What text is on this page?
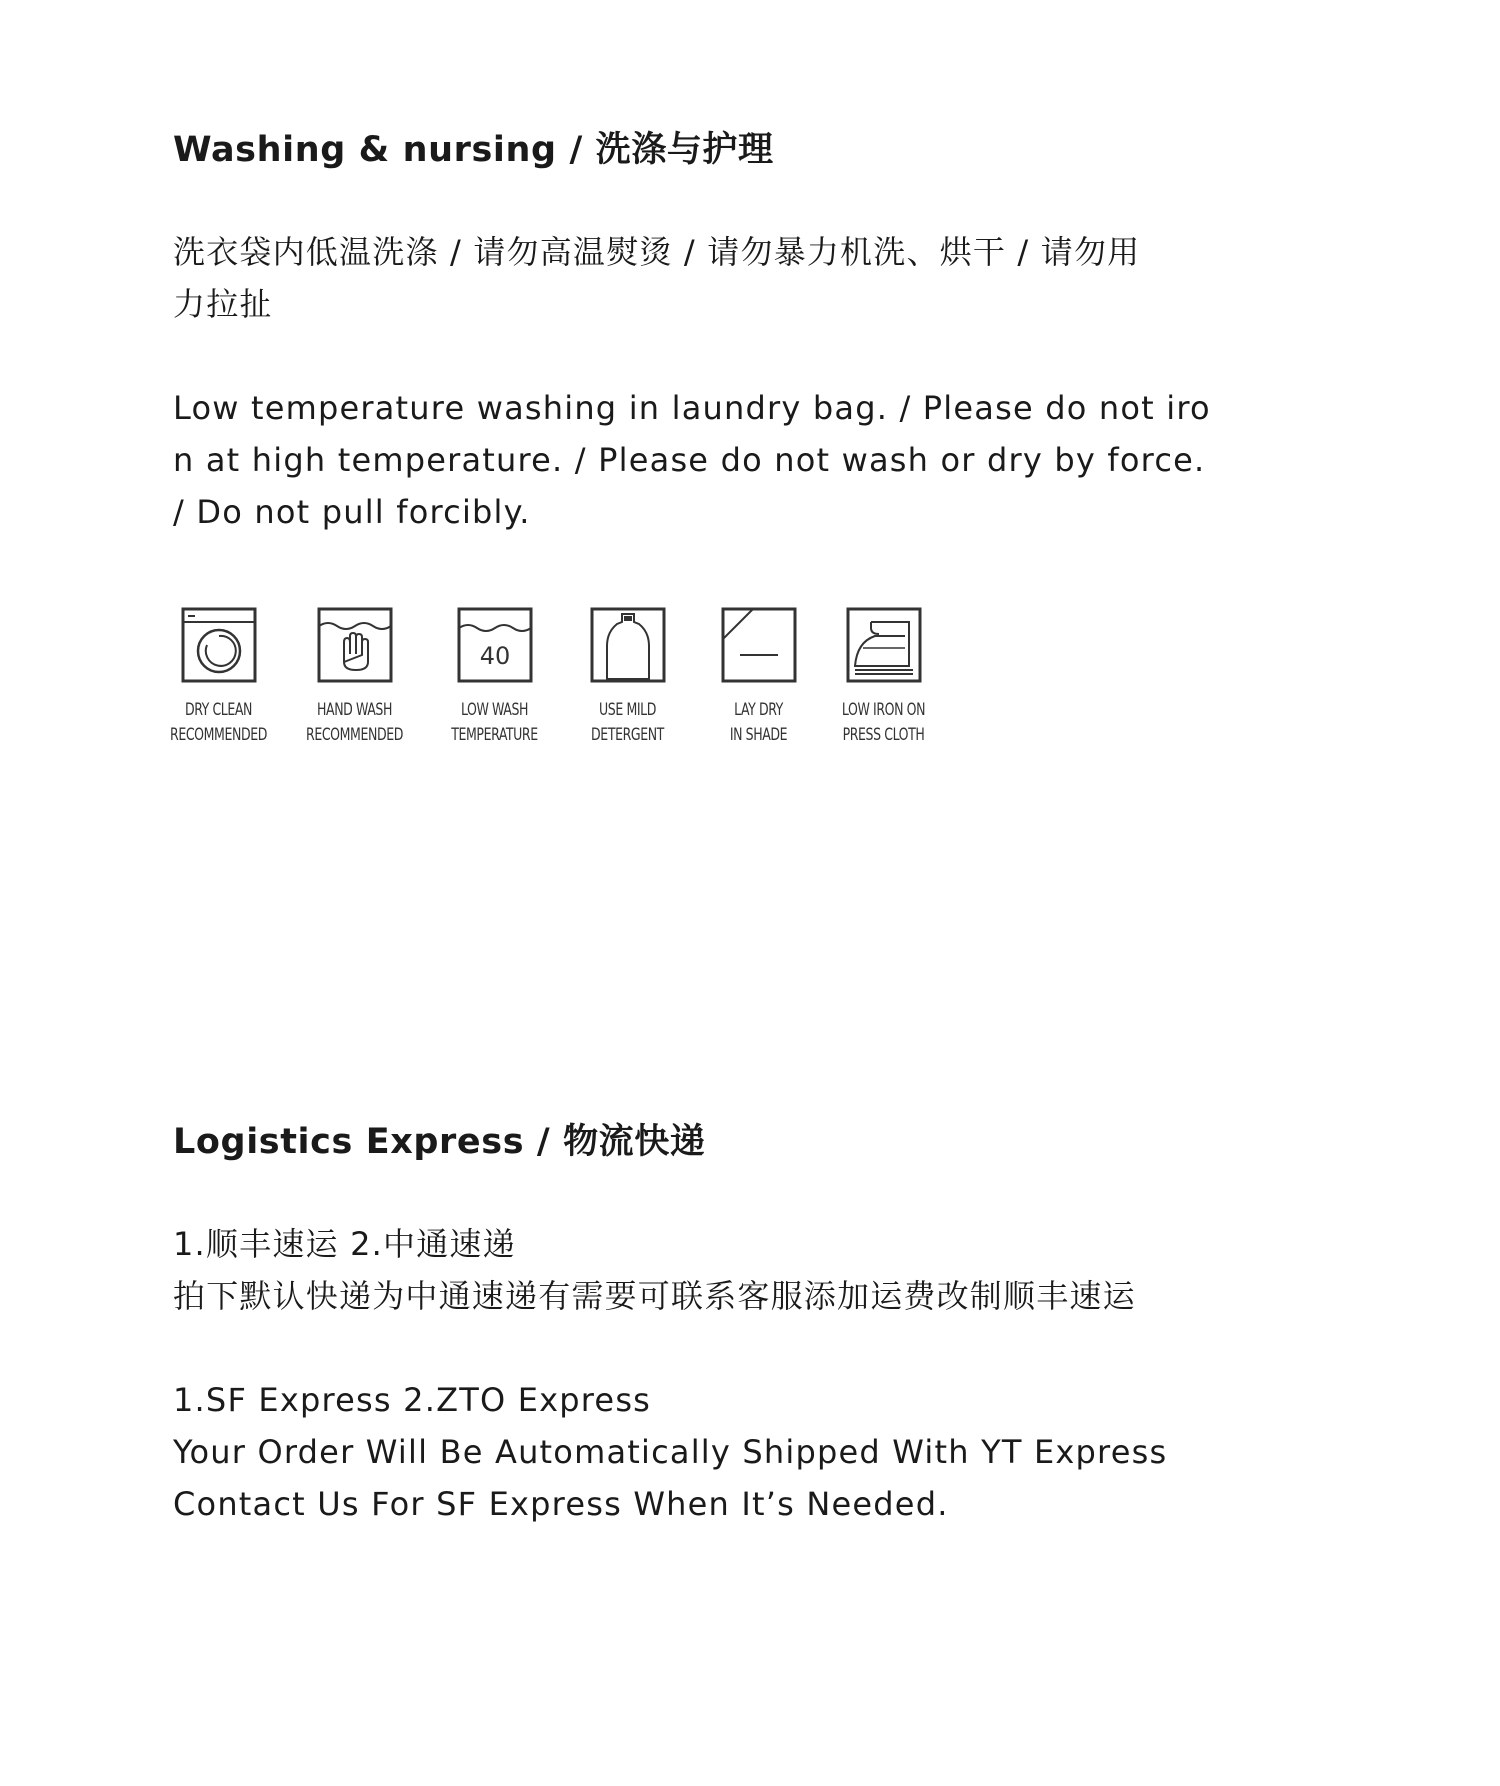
Washing & nursing / 洗涤与护理

洗衣袋内低温洗涤 / 请勿高温熨烫 / 请勿暴力机洗、烘干 / 请勿用
力拉扯

Low temperature washing in laundry bag. / Please do not iro
n at high temperature. / Please do not wash or dry by force.
/ Do not pull forcibly.

DRY CLEAN
RECOMMENDED
HAND WASH
RECOMMENDED
40
LOW WASH
TEMPERATURE
USE MILD
DETERGENT
LAY DRY
IN SHADE
LOW IRON ON
PRESS CLOTH
Logistics Express / 物流快递

1.顺丰速运 2.中通速递
拍下默认快递为中通速递有需要可联系客服添加运费改制顺丰速运

1.SF Express 2.ZTO Express
Your Order Will Be Automatically Shipped With YT Express
Contact Us For SF Express When It’s Needed.
